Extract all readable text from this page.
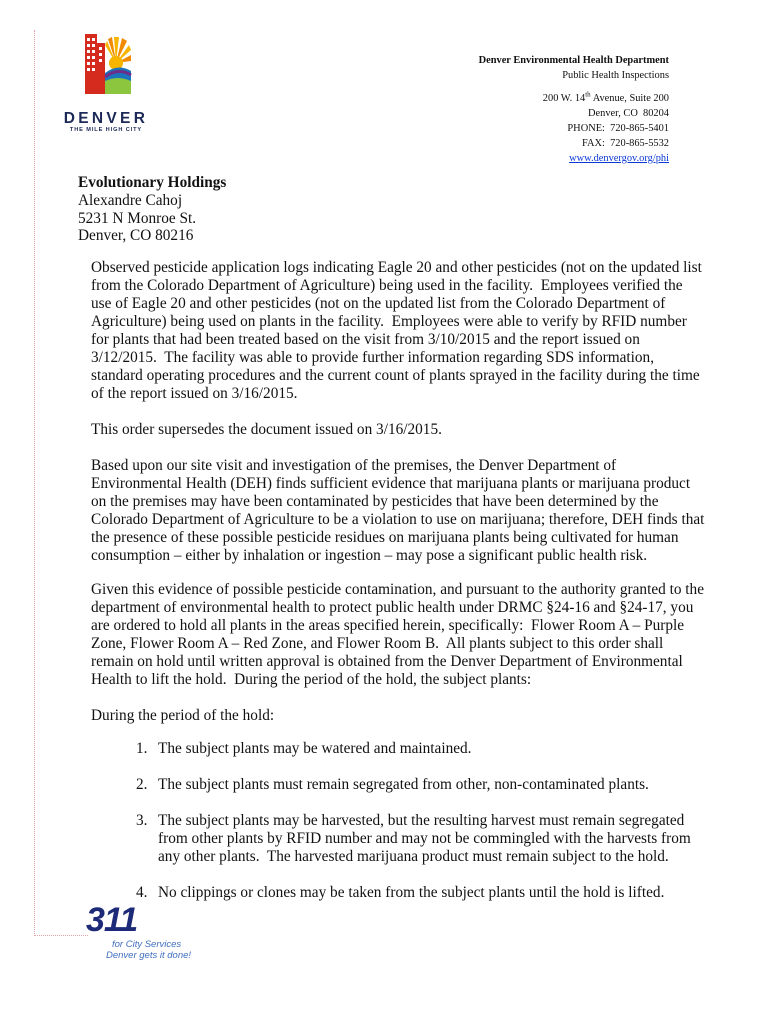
DENVER
THE MILE HIGH CITY
Denver Environmental Health Department
Public Health Inspections
200 W. 14th Avenue, Suite 200
Denver, CO  80204
PHONE:  720-865-5401
FAX:  720-865-5532
www.denvergov.org/phi
Evolutionary Holdings
Alexandre Cahoj
5231 N Monroe St.
Denver, CO 80216
Observed pesticide application logs indicating Eagle 20 and other pesticides (not on the updated list
from the Colorado Department of Agriculture) being used in the facility.  Employees verified the
use of Eagle 20 and other pesticides (not on the updated list from the Colorado Department of
Agriculture) being used on plants in the facility.  Employees were able to verify by RFID number
for plants that had been treated based on the visit from 3/10/2015 and the report issued on
3/12/2015.  The facility was able to provide further information regarding SDS information,
standard operating procedures and the current count of plants sprayed in the facility during the time
of the report issued on 3/16/2015.
This order supersedes the document issued on 3/16/2015.
Based upon our site visit and investigation of the premises, the Denver Department of
Environmental Health (DEH) finds sufficient evidence that marijuana plants or marijuana product
on the premises may have been contaminated by pesticides that have been determined by the
Colorado Department of Agriculture to be a violation to use on marijuana; therefore, DEH finds that
the presence of these possible pesticide residues on marijuana plants being cultivated for human
consumption – either by inhalation or ingestion – may pose a significant public health risk.
Given this evidence of possible pesticide contamination, and pursuant to the authority granted to the
department of environmental health to protect public health under DRMC §24-16 and §24-17, you
are ordered to hold all plants in the areas specified herein, specifically:  Flower Room A – Purple
Zone, Flower Room A – Red Zone, and Flower Room B.  All plants subject to this order shall
remain on hold until written approval is obtained from the Denver Department of Environmental
Health to lift the hold.  During the period of the hold, the subject plants:
During the period of the hold:
1. The subject plants may be watered and maintained.
2. The subject plants must remain segregated from other, non-contaminated plants.
3. The subject plants may be harvested, but the resulting harvest must remain segregated
from other plants by RFID number and may not be commingled with the harvests from
any other plants.  The harvested marijuana product must remain subject to the hold.
4. No clippings or clones may be taken from the subject plants until the hold is lifted.
311
for City Services
Denver gets it done!
